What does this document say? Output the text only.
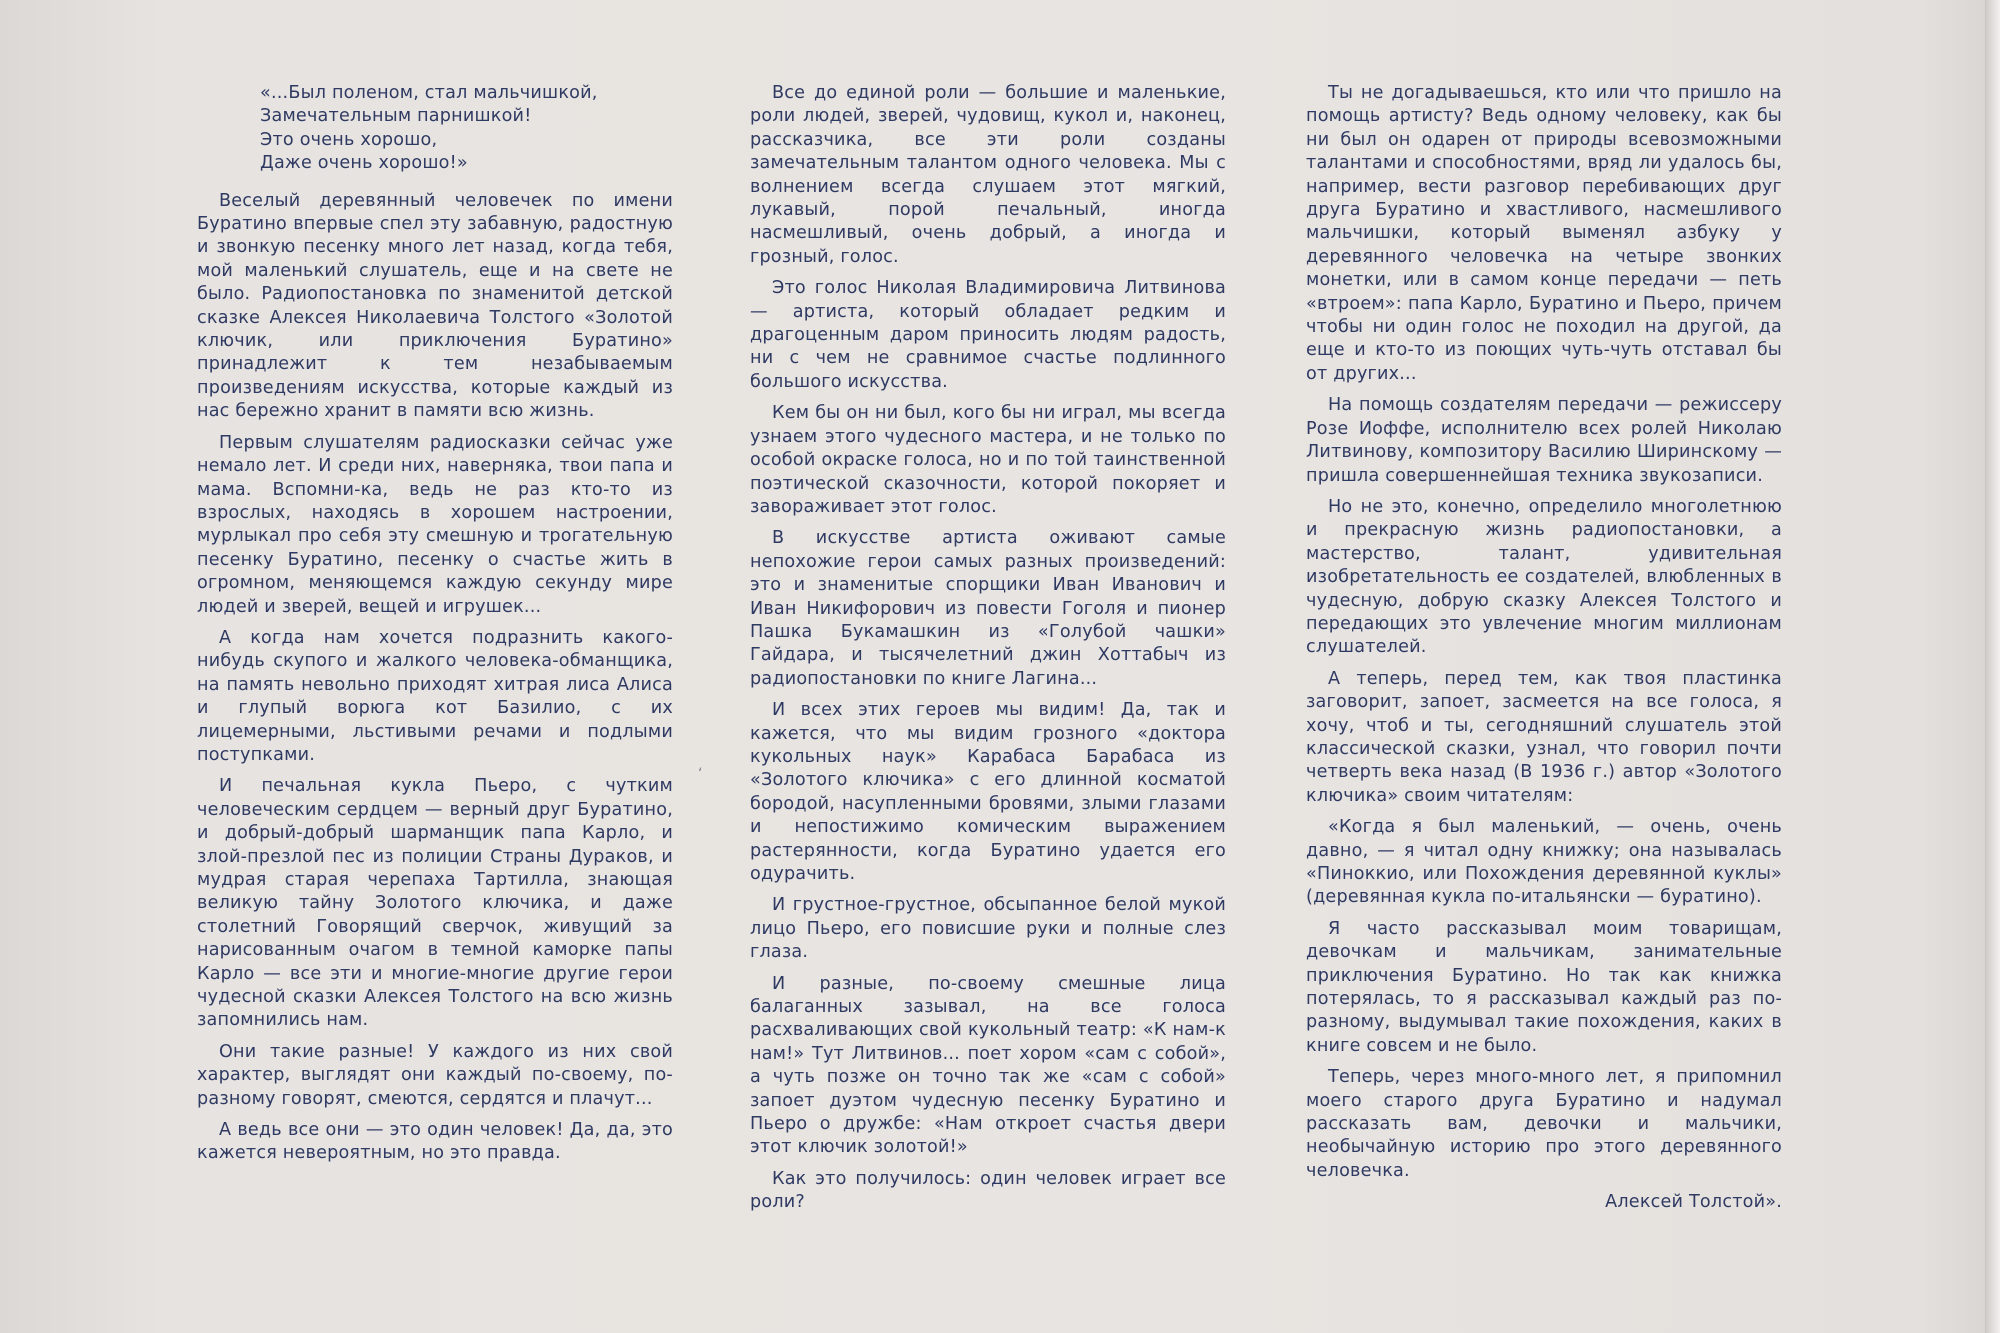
‘
«...Был поленом, стал мальчишкой,
Замечательным парнишкой!
Это очень хорошо,
Даже очень хорошо!»

Веселый деревянный человечек по имени Буратино впервые спел эту забавную, радостную и звонкую песенку много лет назад, когда тебя, мой маленький слушатель, еще и на свете не было. Радиопостановка по знаменитой детской сказке Алексея Николаевича Толстого «Золотой ключик, или приключения Буратино» принадлежит к тем незабываемым произведениям искусства, которые каждый из нас бережно хранит в памяти всю жизнь.

Первым слушателям радиосказки сейчас уже немало лет. И среди них, наверняка, твои папа и мама. Вспомни-ка, ведь не раз кто-то из взрослых, находясь в хорошем настроении, мурлыкал про себя эту смешную и трогательную песенку Буратино, песенку о счастье жить в огромном, меняющемся каждую секунду мире людей и зверей, вещей и игрушек...

А когда нам хочется подразнить какого-нибудь скупого и жалкого человека-обманщика, на память невольно приходят хитрая лиса Алиса и глупый ворюга кот Базилио, с их лицемерными, льстивыми речами и подлыми поступками.

И печальная кукла Пьеро, с чутким человеческим сердцем — верный друг Буратино, и добрый-добрый шарманщик папа Карло, и злой-презлой пес из полиции Страны Дураков, и мудрая старая черепаха Тартилла, знающая великую тайну Золотого ключика, и даже столетний Говорящий сверчок, живущий за нарисованным очагом в темной каморке папы Карло — все эти и многие-многие другие герои чудесной сказки Алексея Толстого на всю жизнь запомнились нам.

Они такие разные! У каждого из них свой характер, выглядят они каждый по-своему, по-разному говорят, смеются, сердятся и плачут...

А ведь все они — это один человек! Да, да, это кажется невероятным, но это правда.

Все до единой роли — большие и маленькие, роли людей, зверей, чудовищ, кукол и, наконец, рассказчика, все эти роли созданы замечательным талантом одного человека. Мы с волнением всегда слушаем этот мягкий, лукавый, порой печальный, иногда насмешливый, очень добрый, а иногда и грозный, голос.

Это голос Николая Владимировича Литвинова — артиста, который обладает редким и драгоценным даром приносить людям радость, ни с чем не сравнимое счастье подлинного большого искусства.

Кем бы он ни был, кого бы ни играл, мы всегда узнаем этого чудесного мастера, и не только по особой окраске голоса, но и по той таинственной поэтической сказочности, которой покоряет и завораживает этот голос.

В искусстве артиста оживают самые непохожие герои самых разных произведений: это и знаменитые спорщики Иван Иванович и Иван Никифорович из повести Гоголя и пионер Пашка Букамашкин из «Голубой чашки» Гайдара, и тысячелетний джин Хоттабыч из радиопостановки по книге Лагина...

И всех этих героев мы видим! Да, так и кажется, что мы видим грозного «доктора кукольных наук» Карабаса Барабаса из «Золотого ключика» с его длинной косматой бородой, насупленными бровями, злыми глазами и непостижимо комическим выражением растерянности, когда Буратино удается его одурачить.

И грустное-грустное, обсыпанное белой мукой лицо Пьеро, его повисшие руки и полные слез глаза.

И разные, по-своему смешные лица балаганных зазывал, на все голоса расхваливающих свой кукольный театр: «К нам-к нам!» Тут Литвинов... поет хором «сам с собой», а чуть позже он точно так же «сам с собой» запоет дуэтом чудесную песенку Буратино и Пьеро о дружбе: «Нам откроет счастья двери этот ключик золотой!»

Как это получилось: один человек играет все роли?

Ты не догадываешься, кто или что пришло на помощь артисту? Ведь одному человеку, как бы ни был он одарен от природы всевозможными талантами и способностями, вряд ли удалось бы, например, вести разговор перебивающих друг друга Буратино и хвастливого, насмешливого мальчишки, который выменял азбуку у деревянного человечка на четыре звонких монетки, или в самом конце передачи — петь «втроем»: папа Карло, Буратино и Пьеро, причем чтобы ни один голос не походил на другой, да еще и кто-то из поющих чуть-чуть отставал бы от других...

На помощь создателям передачи — режиссеру Розе Иоффе, исполнителю всех ролей Николаю Литвинову, композитору Василию Ширинскому — пришла совершеннейшая техника звукозаписи.

Но не это, конечно, определило многолетнюю и прекрасную жизнь радиопостановки, а мастерство, талант, удивительная изобретательность ее создателей, влюбленных в чудесную, добрую сказку Алексея Толстого и передающих это увлечение многим миллионам слушателей.

А теперь, перед тем, как твоя пластинка заговорит, запоет, засмеется на все голоса, я хочу, чтоб и ты, сегодняшний слушатель этой классической сказки, узнал, что говорил почти четверть века назад (В 1936 г.) автор «Золотого ключика» своим читателям:

«Когда я был маленький, — очень, очень давно, — я читал одну книжку; она называлась «Пиноккио, или Похождения деревянной куклы» (деревянная кукла по-итальянски — буратино).

Я часто рассказывал моим товарищам, девочкам и мальчикам, занимательные приключения Буратино. Но так как книжка потерялась, то я рассказывал каждый раз по-разному, выдумывал такие похождения, каких в книге совсем и не было.

Теперь, через много-много лет, я припомнил моего старого друга Буратино и надумал рассказать вам, девочки и мальчики, необычайную историю про этого деревянного человечка.

Алексей Толстой».
